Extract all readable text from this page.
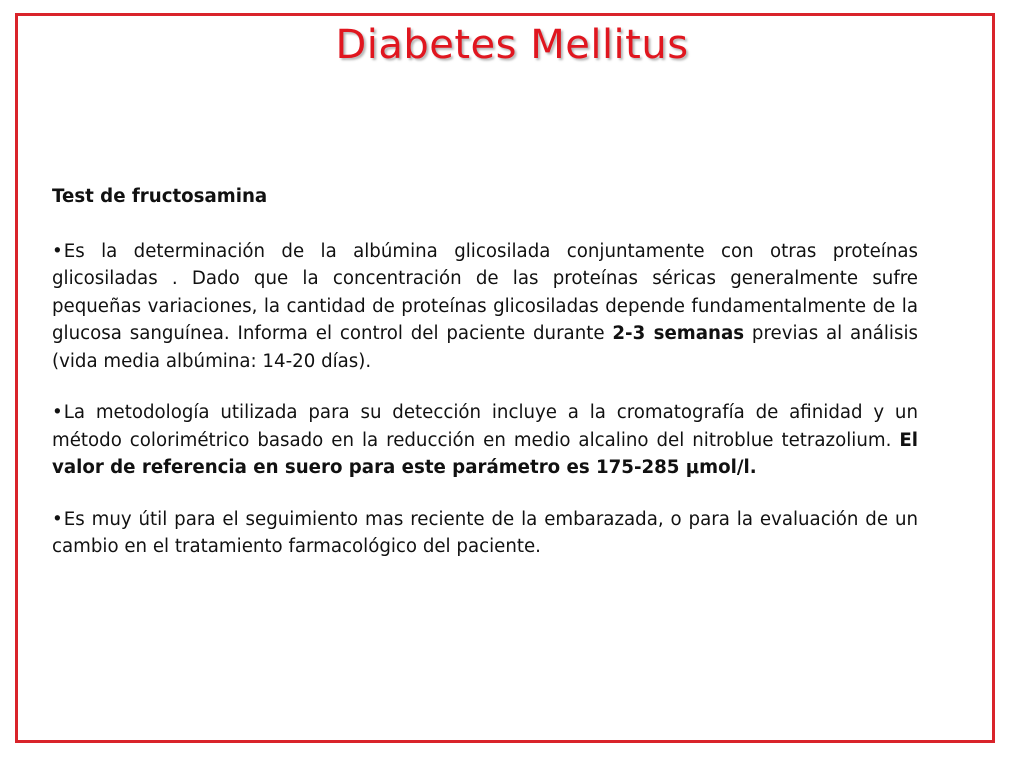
Diabetes Mellitus

Test de fructosamina

•Es la determinación de la albúmina glicosilada conjuntamente con otras proteínas glicosiladas . Dado que la concentración de las proteínas séricas generalmente sufre pequeñas variaciones, la cantidad de proteínas glicosiladas depende fundamentalmente de la glucosa sanguínea. Informa el control del paciente durante 2-3 semanas previas al análisis (vida media albúmina: 14-20 días).

•La metodología utilizada para su detección incluye a la cromatografía de afinidad y un método colorimétrico basado en la reducción en medio alcalino del nitroblue tetrazolium. El valor de referencia en suero para este parámetro es 175-285 μmol/l.

•Es muy útil para el seguimiento mas reciente de la embarazada, o para la evaluación de un cambio en el tratamiento farmacológico del paciente.
